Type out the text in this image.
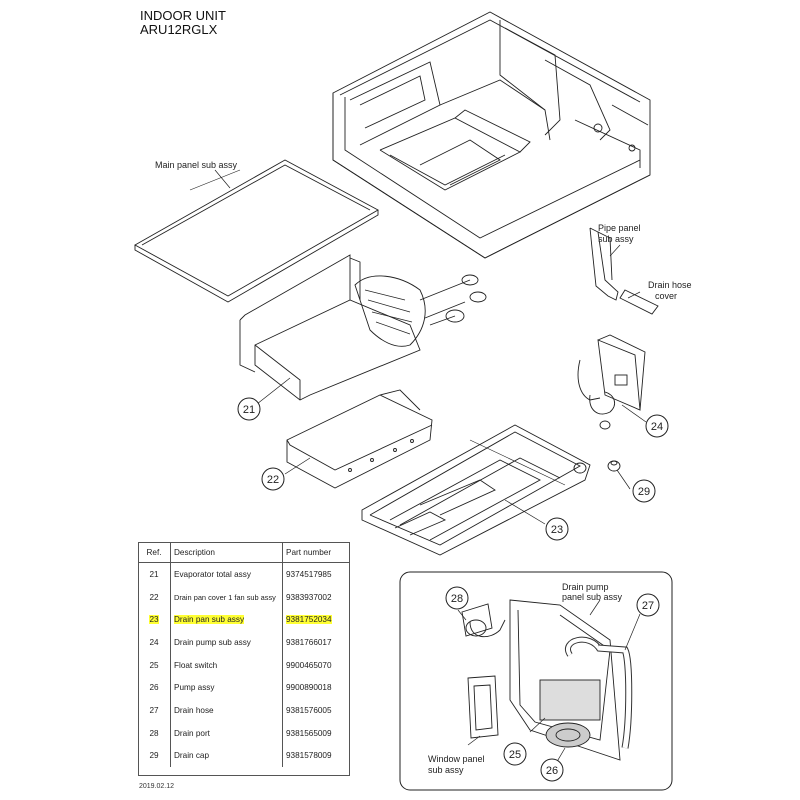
INDOOR UNIT
ARU12RGLX
Main panel sub assy
Pipe panel
sub assy
Drain hose
cover
Drain pump
panel sub assy
Window panel
sub assy
21
22
23
24
29
25
26
27
28
Ref.	Description	Part number
21	Evaporator total assy	9374517985
22	Drain pan cover 1 fan sub assy	9383937002
23	Drain pan sub assy	9381752034
24	Drain pump sub assy	9381766017
25	Float switch	9900465070
26	Pump assy	9900890018
27	Drain hose	9381576005
28	Drain port	9381565009
29	Drain cap	9381578009
2019.02.12
